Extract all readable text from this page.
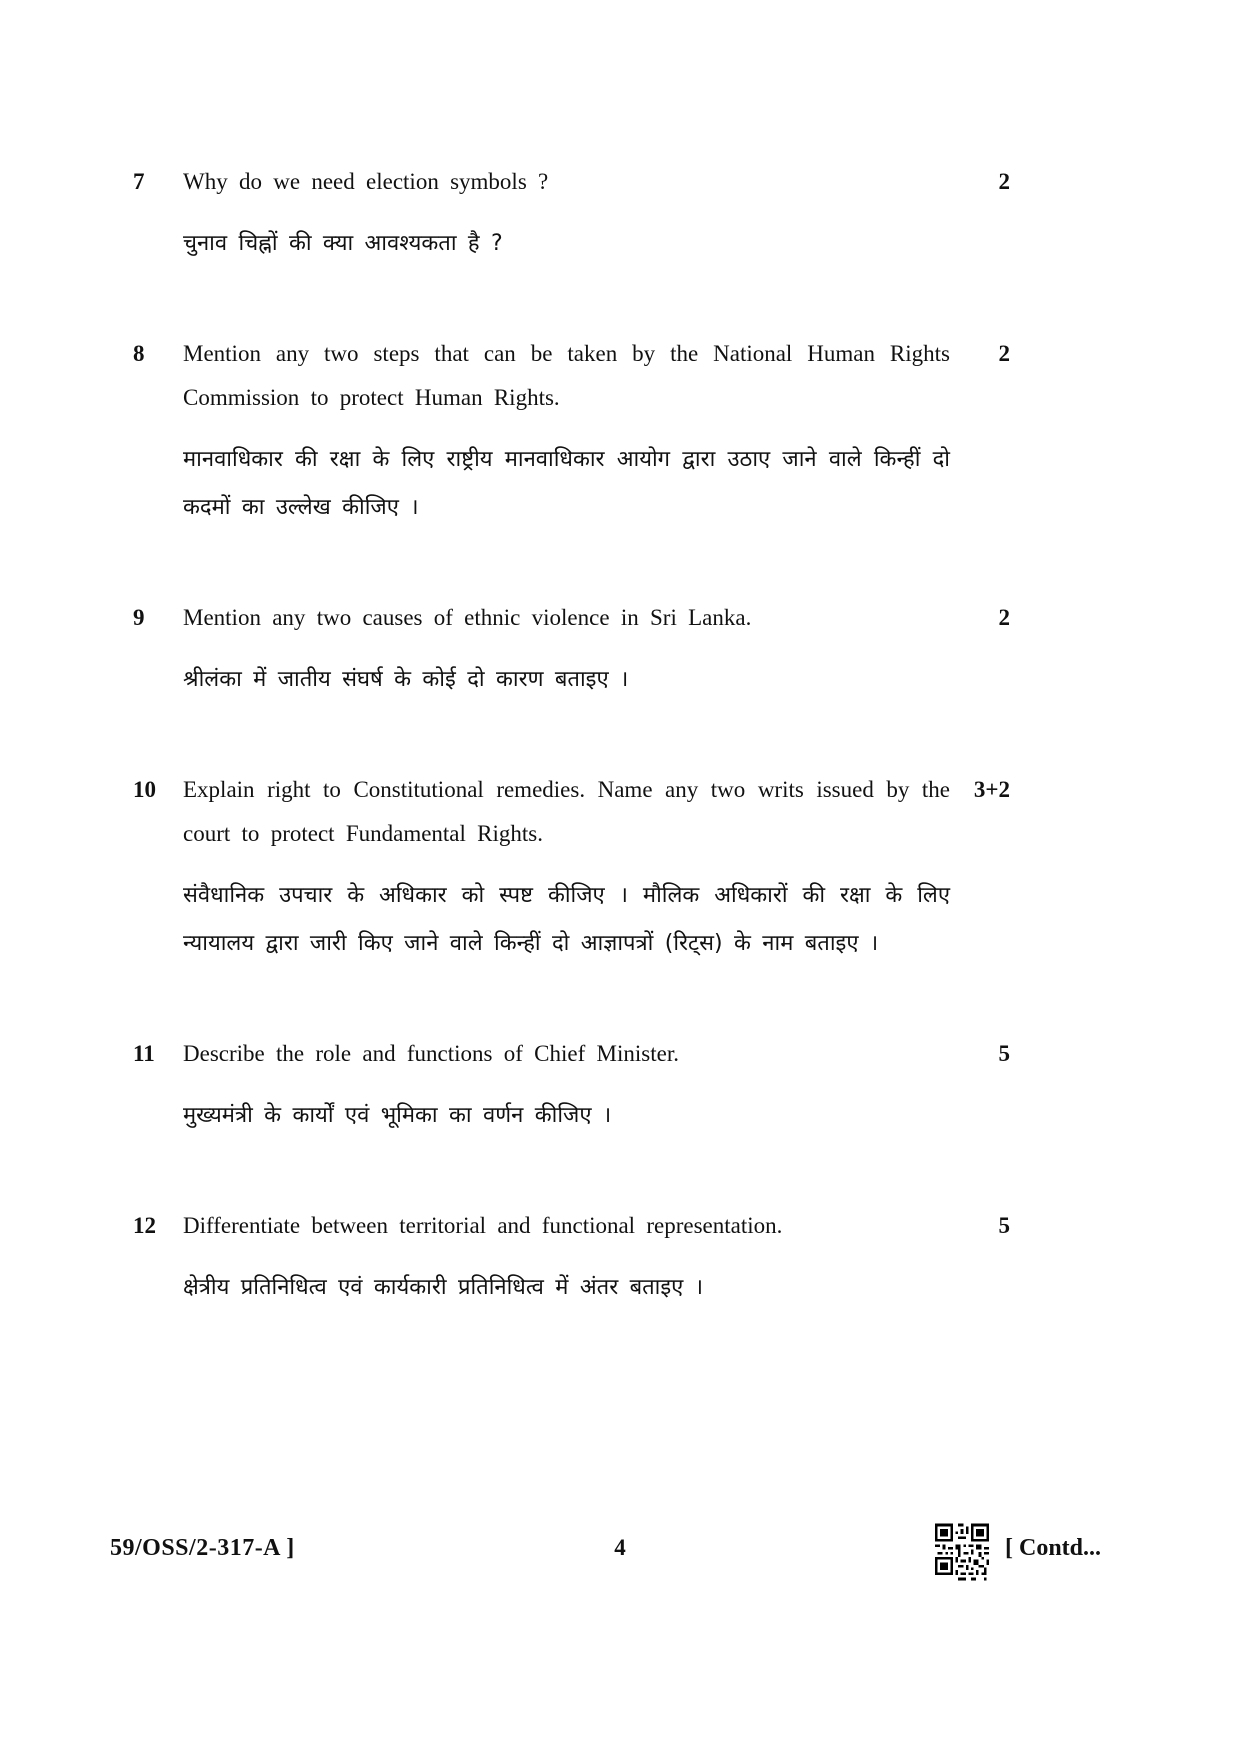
7	Why do we need election symbols ?

चुनाव चिह्नों की क्या आवश्यकता है ?

2
8	Mention any two steps that can be taken by the National Human Rights Commission to protect Human Rights.

मानवाधिकार की रक्षा के लिए राष्ट्रीय मानवाधिकार आयोग द्वारा उठाए जाने वाले किन्हीं दो कदमों का उल्लेख कीजिए ।

2
9	Mention any two causes of ethnic violence in Sri Lanka.

श्रीलंका में जातीय संघर्ष के कोई दो कारण बताइए ।

2
10	Explain right to Constitutional remedies. Name any two writs issued by the court to protect Fundamental Rights.

संवैधानिक उपचार के अधिकार को स्पष्ट कीजिए । मौलिक अधिकारों की रक्षा के लिए न्यायालय द्वारा जारी किए जाने वाले किन्हीं दो आज्ञापत्रों (रिट्स) के नाम बताइए ।

3+2
11	Describe the role and functions of Chief Minister.

मुख्यमंत्री के कार्यों एवं भूमिका का वर्णन कीजिए ।

5
12	Differentiate between territorial and functional representation.

क्षेत्रीय प्रतिनिधित्व एवं कार्यकारी प्रतिनिधित्व में अंतर बताइए ।

5
59/OSS/2-317-A ]	4	[ Contd...
